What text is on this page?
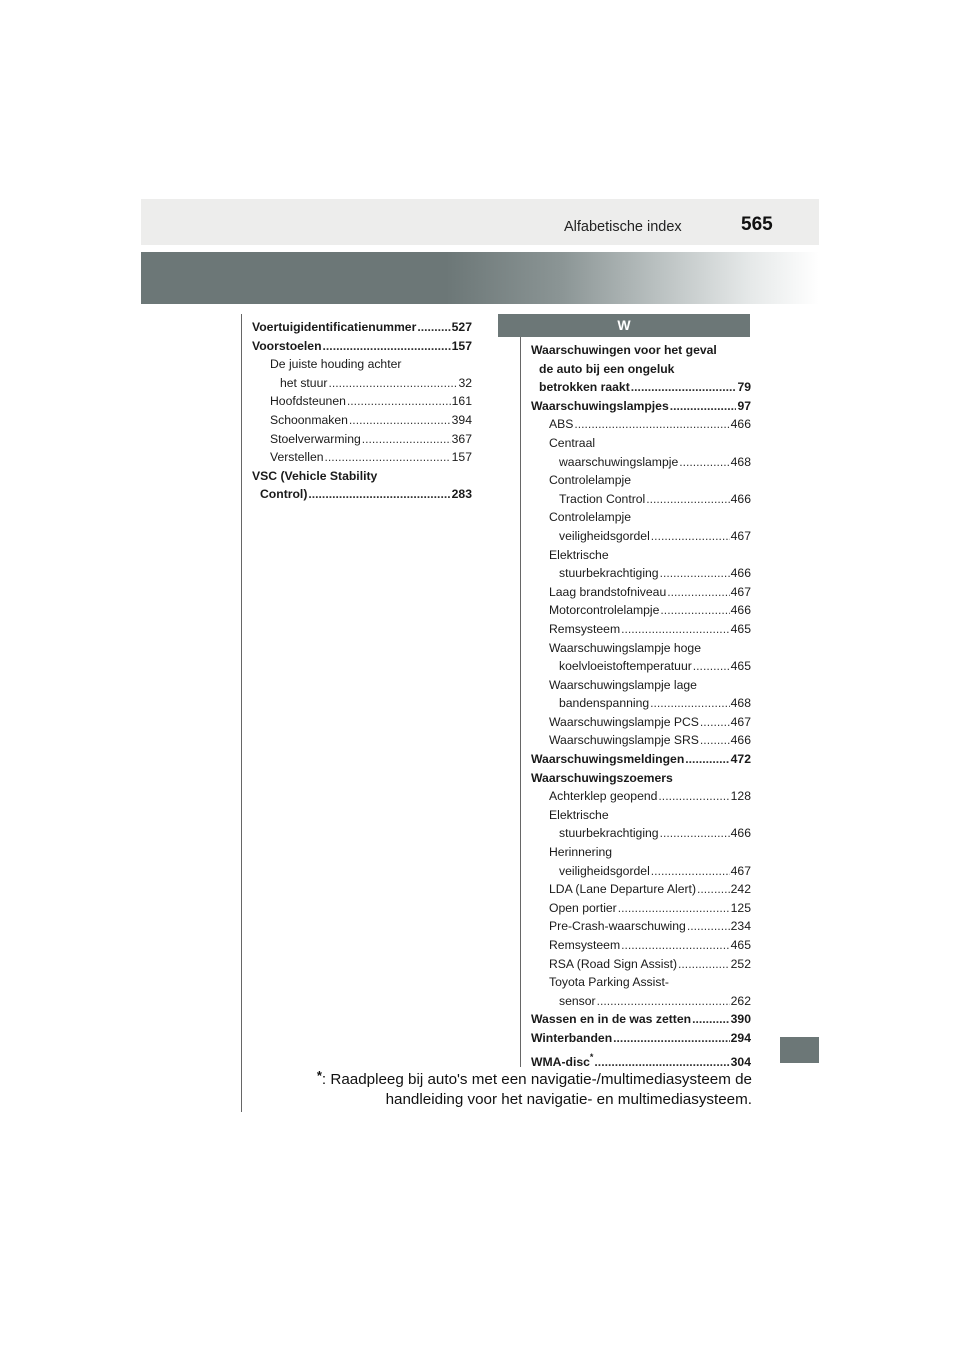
Alfabetische index	565
Voertuigidentificatienummer .....	527
Voorstoelen .....	157
De juiste houding achter
het stuur .....	32
Hoofdsteunen .....	161
Schoonmaken .....	394
Stoelverwarming .....	367
Verstellen .....	157
VSC (Vehicle Stability
Control) .....	283
W
Waarschuwingen voor het geval
de auto bij een ongeluk
betrokken raakt .....	79
Waarschuwingslampjes .....	97
ABS .....	466
Centraal
waarschuwingslampje .....	468
Controlelampje
Traction Control .....	466
Controlelampje
veiligheidsgordel .....	467
Elektrische
stuurbekrachtiging .....	466
Laag brandstofniveau .....	467
Motorcontrolelampje .....	466
Remsysteem .....	465
Waarschuwingslampje hoge
koelvloeistoftemperatuur .....	465
Waarschuwingslampje lage
bandenspanning .....	468
Waarschuwingslampje PCS .....	467
Waarschuwingslampje SRS .....	466
Waarschuwingsmeldingen .....	472
Waarschuwingszoemers
Achterklep geopend .....	128
Elektrische
stuurbekrachtiging .....	466
Herinnering
veiligheidsgordel .....	467
LDA (Lane Departure Alert) .....	242
Open portier .....	125
Pre-Crash-waarschuwing .....	234
Remsysteem .....	465
RSA (Road Sign Assist) .....	252
Toyota Parking Assist-
sensor .....	262
Wassen en in de was zetten .....	390
Winterbanden .....	294
WMA-disc* .....	304
*: Raadpleeg bij auto's met een navigatie-/multimediasysteem de
handleiding voor het navigatie- en multimediasysteem.
